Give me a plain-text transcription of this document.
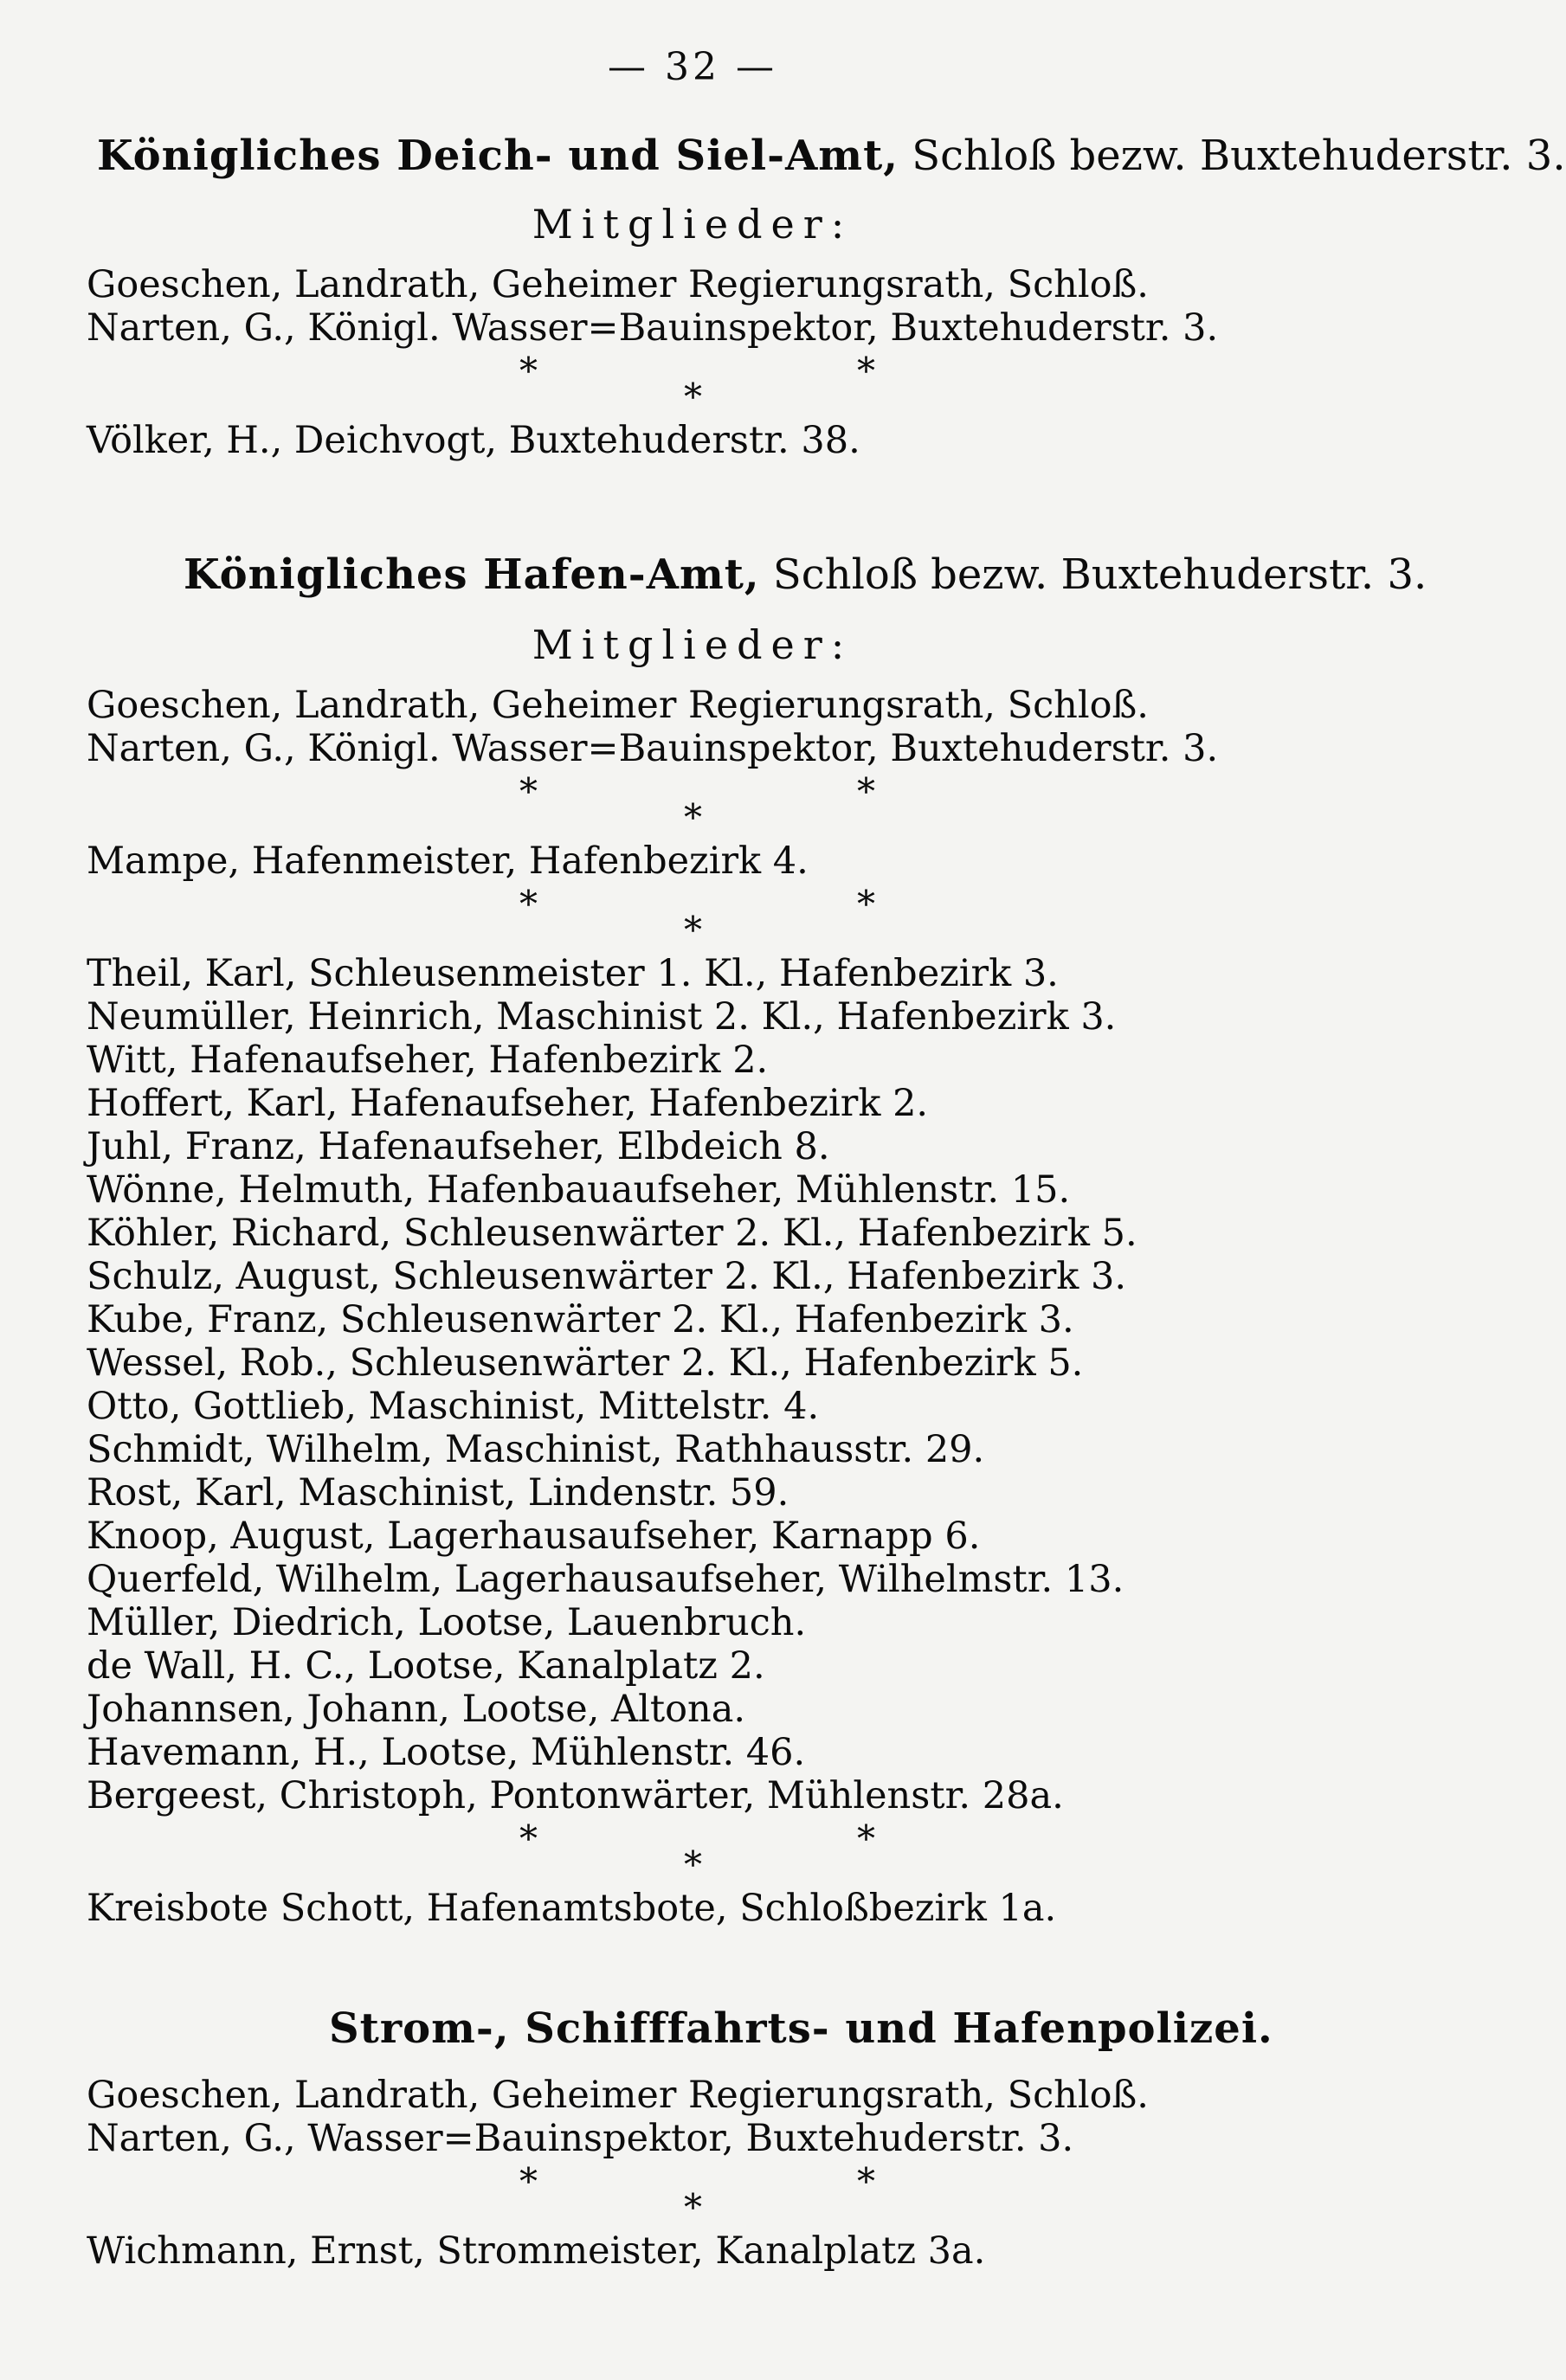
— 32 —
Königliches Deich- und Siel-Amt, Schloß bezw. Buxtehuderstr. 3.
Mitglieder:
Goeschen, Landrath, Geheimer Regierungsrath, Schloß.
Narten, G., Königl. Wasser=Bauinspektor, Buxtehuderstr. 3.
*
*
*
Völker, H., Deichvogt, Buxtehuderstr. 38.
Königliches Hafen-Amt, Schloß bezw. Buxtehuderstr. 3.
Mitglieder:
Goeschen, Landrath, Geheimer Regierungsrath, Schloß.
Narten, G., Königl. Wasser=Bauinspektor, Buxtehuderstr. 3.
*
*
*
Mampe, Hafenmeister, Hafenbezirk 4.
*
*
*
Theil, Karl, Schleusenmeister 1. Kl., Hafenbezirk 3.
Neumüller, Heinrich, Maschinist 2. Kl., Hafenbezirk 3.
Witt, Hafenaufseher, Hafenbezirk 2.
Hoffert, Karl, Hafenaufseher, Hafenbezirk 2.
Juhl, Franz, Hafenaufseher, Elbdeich 8.
Wönne, Helmuth, Hafenbauaufseher, Mühlenstr. 15.
Köhler, Richard, Schleusenwärter 2. Kl., Hafenbezirk 5.
Schulz, August, Schleusenwärter 2. Kl., Hafenbezirk 3.
Kube, Franz, Schleusenwärter 2. Kl., Hafenbezirk 3.
Wessel, Rob., Schleusenwärter 2. Kl., Hafenbezirk 5.
Otto, Gottlieb, Maschinist, Mittelstr. 4.
Schmidt, Wilhelm, Maschinist, Rathhausstr. 29.
Rost, Karl, Maschinist, Lindenstr. 59.
Knoop, August, Lagerhausaufseher, Karnapp 6.
Querfeld, Wilhelm, Lagerhausaufseher, Wilhelmstr. 13.
Müller, Diedrich, Lootse, Lauenbruch.
de Wall, H. C., Lootse, Kanalplatz 2.
Johannsen, Johann, Lootse, Altona.
Havemann, H., Lootse, Mühlenstr. 46.
Bergeest, Christoph, Pontonwärter, Mühlenstr. 28a.
*
*
*
Kreisbote Schott, Hafenamtsbote, Schloßbezirk 1a.
Strom-, Schifffahrts- und Hafenpolizei.
Goeschen, Landrath, Geheimer Regierungsrath, Schloß.
Narten, G., Wasser=Bauinspektor, Buxtehuderstr. 3.
*
*
*
Wichmann, Ernst, Strommeister, Kanalplatz 3a.
